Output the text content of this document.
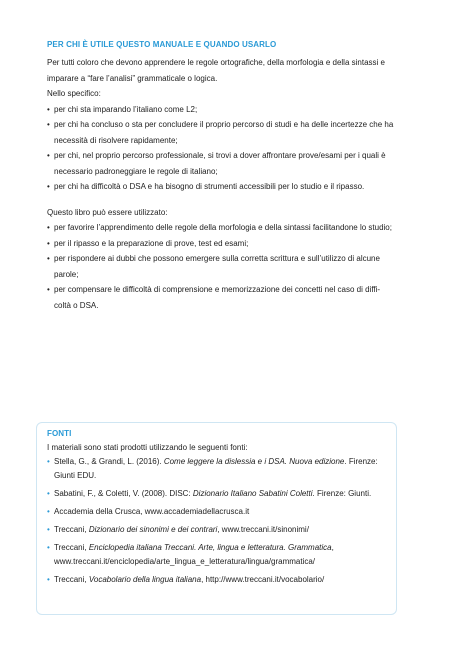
PER CHI È UTILE QUESTO MANUALE E QUANDO USARLO
Per tutti coloro che devono apprendere le regole ortografiche, della morfologia e della sintassi e
imparare a “fare l’analisi” grammaticale o logica.
Nello specifico:
• per chi sta imparando l’italiano come L2;
• per chi ha concluso o sta per concludere il proprio percorso di studi e ha delle incertezze che ha
necessità di risolvere rapidamente;
• per chi, nel proprio percorso professionale, si trovi a dover affrontare prove/esami per i quali è
necessario padroneggiare le regole di italiano;
• per chi ha difficoltà o DSA e ha bisogno di strumenti accessibili per lo studio e il ripasso.
Questo libro può essere utilizzato:
• per favorire l’apprendimento delle regole della morfologia e della sintassi facilitandone lo studio;
• per il ripasso e la preparazione di prove, test ed esami;
• per rispondere ai dubbi che possono emergere sulla corretta scrittura e sull’utilizzo di alcune
parole;
• per compensare le difficoltà di comprensione e memorizzazione dei concetti nel caso di diffi-
coltà o DSA.
FONTI
I materiali sono stati prodotti utilizzando le seguenti fonti:
• Stella, G., & Grandi, L. (2016). Come leggere la dislessia e i DSA. Nuova edizione. Firenze:
Giunti EDU.
• Sabatini, F., & Coletti, V. (2008). DISC: Dizionario Italiano Sabatini Coletti. Firenze: Giunti.
• Accademia della Crusca, www.accademiadellacrusca.it
• Treccani, Dizionario dei sinonimi e dei contrari, www.treccani.it/sinonimi/
• Treccani, Enciclopedia italiana Treccani. Arte, lingua e letteratura. Grammatica,
www.treccani.it/enciclopedia/arte_lingua_e_letteratura/lingua/grammatica/
• Treccani, Vocabolario della lingua italiana, http://www.treccani.it/vocabolario/
